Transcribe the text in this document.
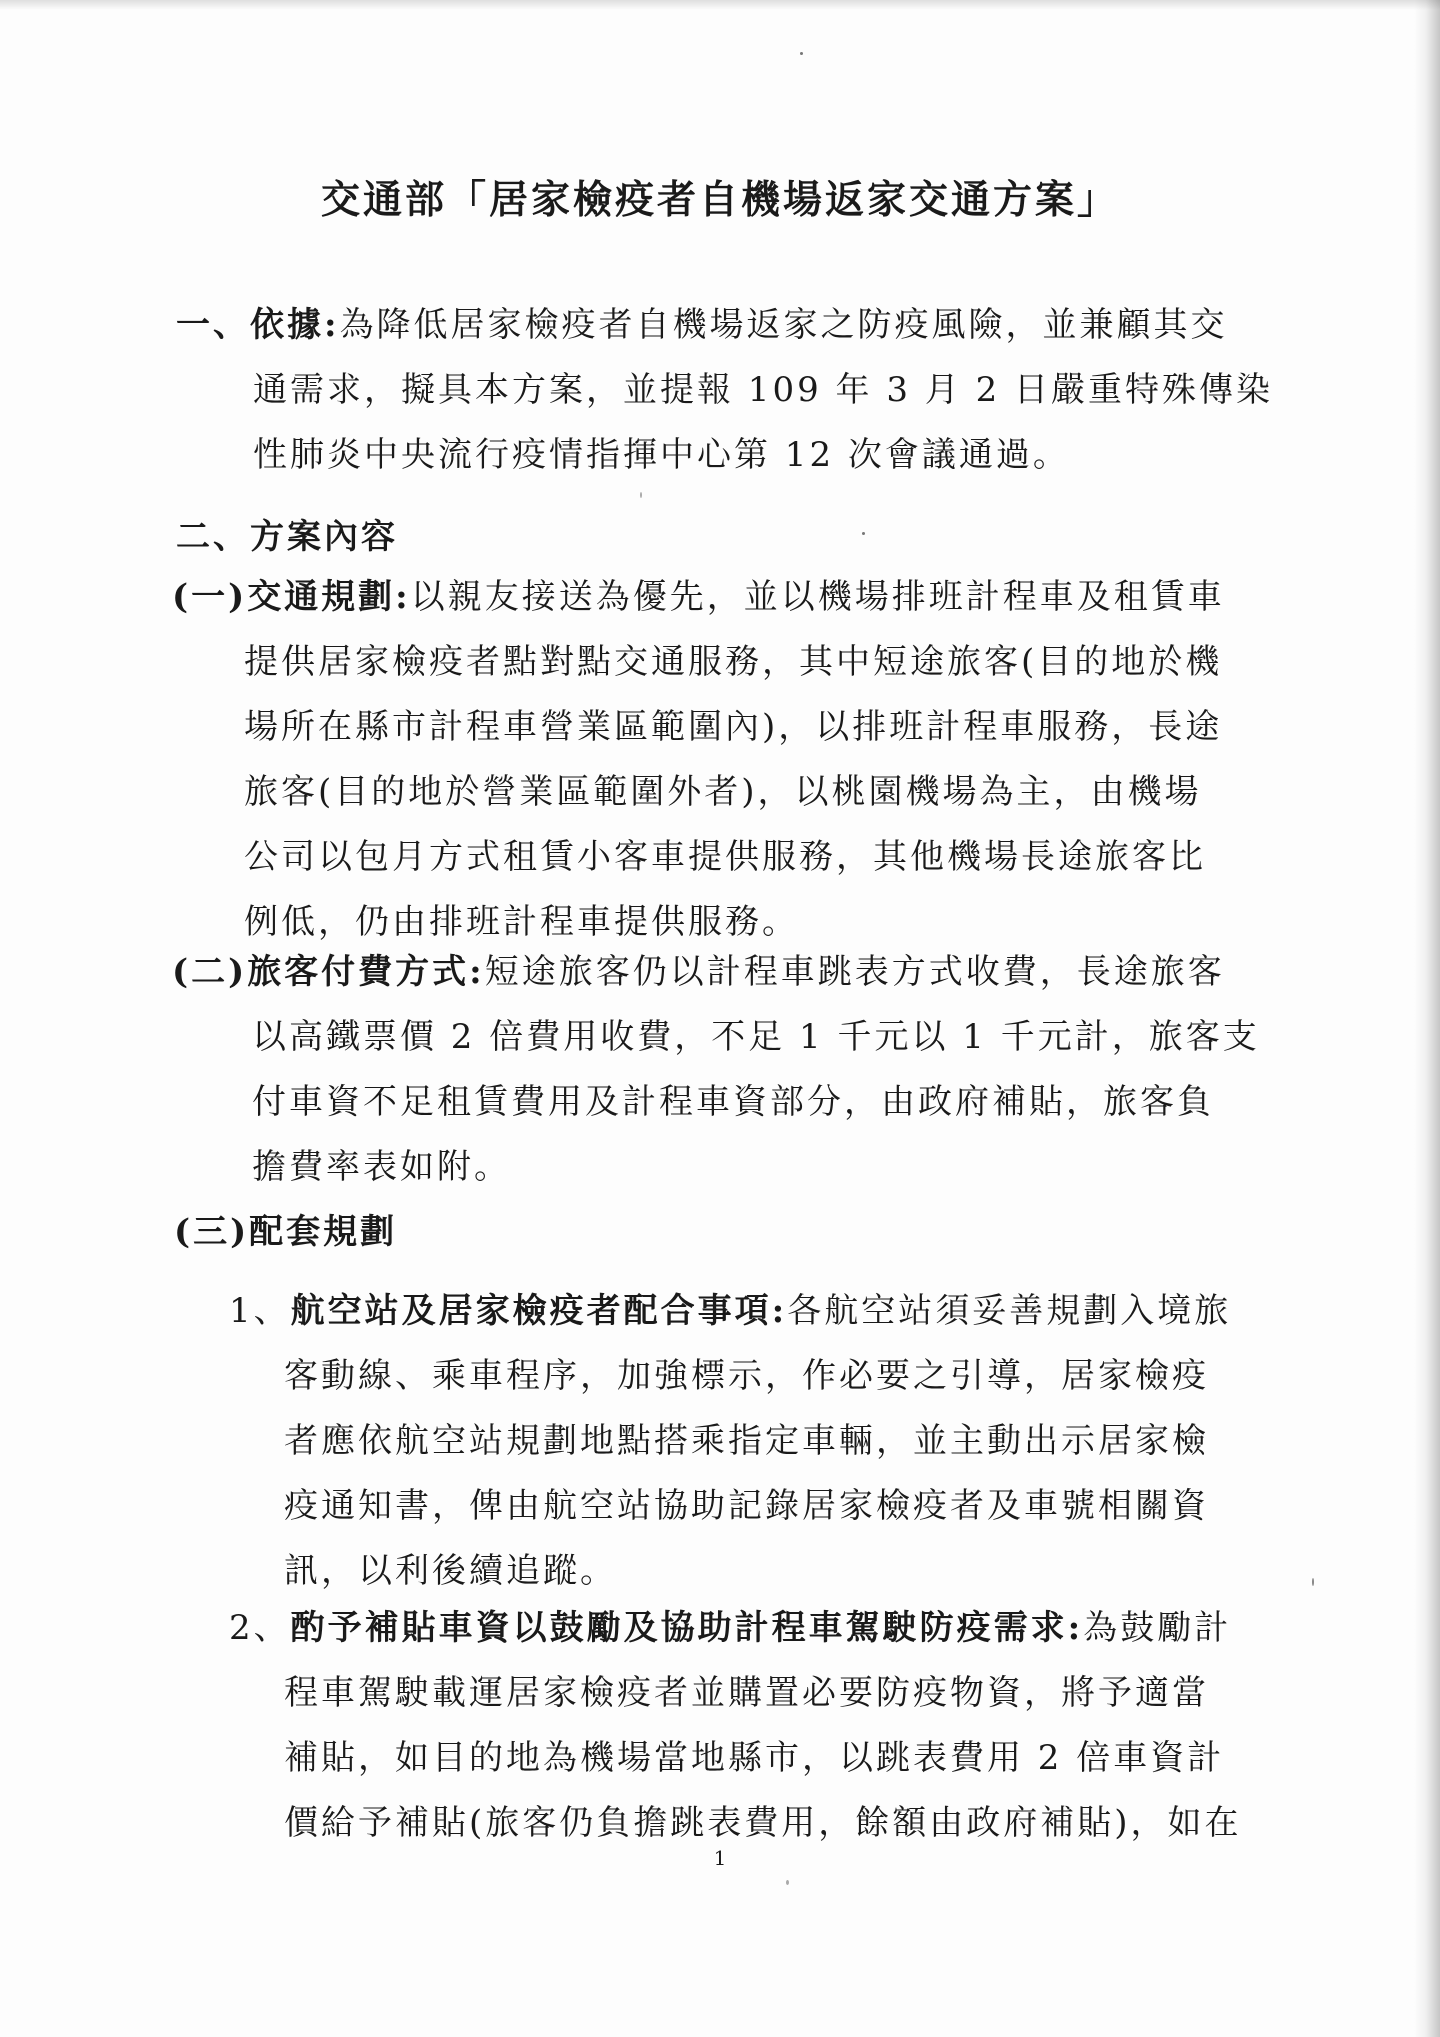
交通部「居家檢疫者自機場返家交通方案」
一、依據:為降低居家檢疫者自機場返家之防疫風險，並兼顧其交
通需求，擬具本方案，並提報 109 年 3 月 2 日嚴重特殊傳染
性肺炎中央流行疫情指揮中心第 12 次會議通過。
二、方案內容
(一)交通規劃:以親友接送為優先，並以機場排班計程車及租賃車
提供居家檢疫者點對點交通服務，其中短途旅客(目的地於機
場所在縣市計程車營業區範圍內)，以排班計程車服務，長途
旅客(目的地於營業區範圍外者)，以桃園機場為主，由機場
公司以包月方式租賃小客車提供服務，其他機場長途旅客比
例低，仍由排班計程車提供服務。
(二)旅客付費方式:短途旅客仍以計程車跳表方式收費，長途旅客
以高鐵票價 2 倍費用收費，不足 1 千元以 1 千元計，旅客支
付車資不足租賃費用及計程車資部分，由政府補貼，旅客負
擔費率表如附。
(三)配套規劃
1、航空站及居家檢疫者配合事項:各航空站須妥善規劃入境旅
客動線、乘車程序，加強標示，作必要之引導，居家檢疫
者應依航空站規劃地點搭乘指定車輛，並主動出示居家檢
疫通知書，俾由航空站協助記錄居家檢疫者及車號相關資
訊，以利後續追蹤。
2、酌予補貼車資以鼓勵及協助計程車駕駛防疫需求:為鼓勵計
程車駕駛載運居家檢疫者並購置必要防疫物資，將予適當
補貼，如目的地為機場當地縣市，以跳表費用 2 倍車資計
價給予補貼(旅客仍負擔跳表費用，餘額由政府補貼)，如在
1
